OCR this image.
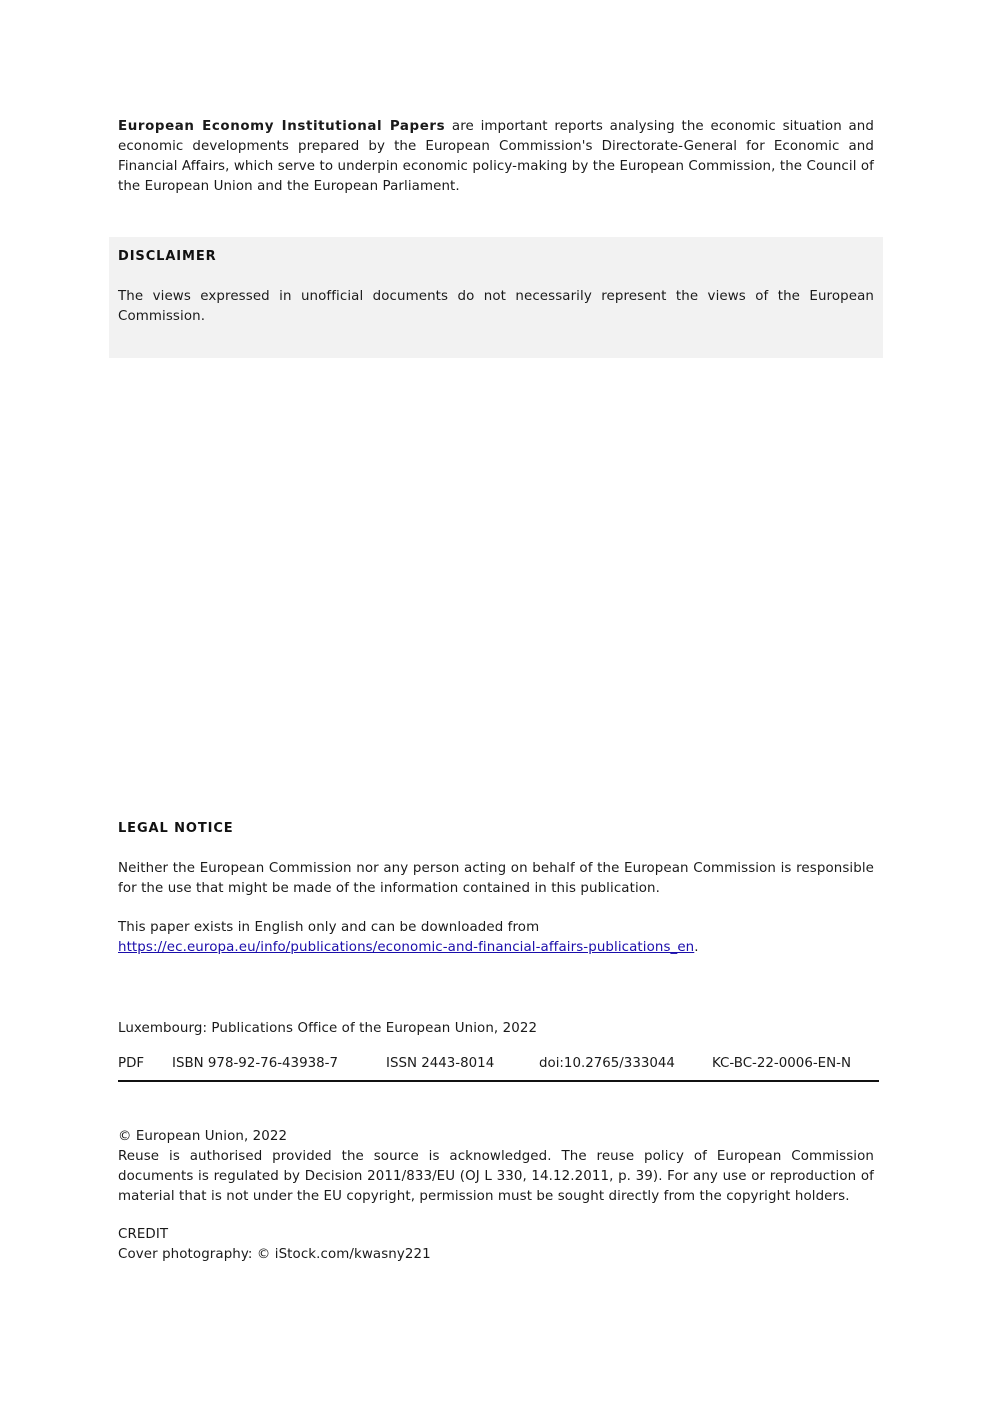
European Economy Institutional Papers are important reports analysing the economic situation and economic developments prepared by the European Commission's Directorate-General for Economic and Financial Affairs, which serve to underpin economic policy-making by the European Commission, the Council of the European Union and the European Parliament.

DISCLAIMER

The views expressed in unofficial documents do not necessarily represent the views of the European Commission.

LEGAL NOTICE

Neither the European Commission nor any person acting on behalf of the European Commission is responsible for the use that might be made of the information contained in this publication.

This paper exists in English only and can be downloaded from
https://ec.europa.eu/info/publications/economic-and-financial-affairs-publications_en.
Luxembourg: Publications Office of the European Union, 2022
PDF ISBN 978-92-76-43938-7	ISSN 2443-8014	doi:10.2765/333044	KC-BC-22-0006-EN-N
© European Union, 2022

Reuse is authorised provided the source is acknowledged. The reuse policy of European Commission documents is regulated by Decision 2011/833/EU (OJ L 330, 14.12.2011, p. 39). For any use or reproduction of material that is not under the EU copyright, permission must be sought directly from the copyright holders.

CREDIT
Cover photography: © iStock.com/kwasny221
